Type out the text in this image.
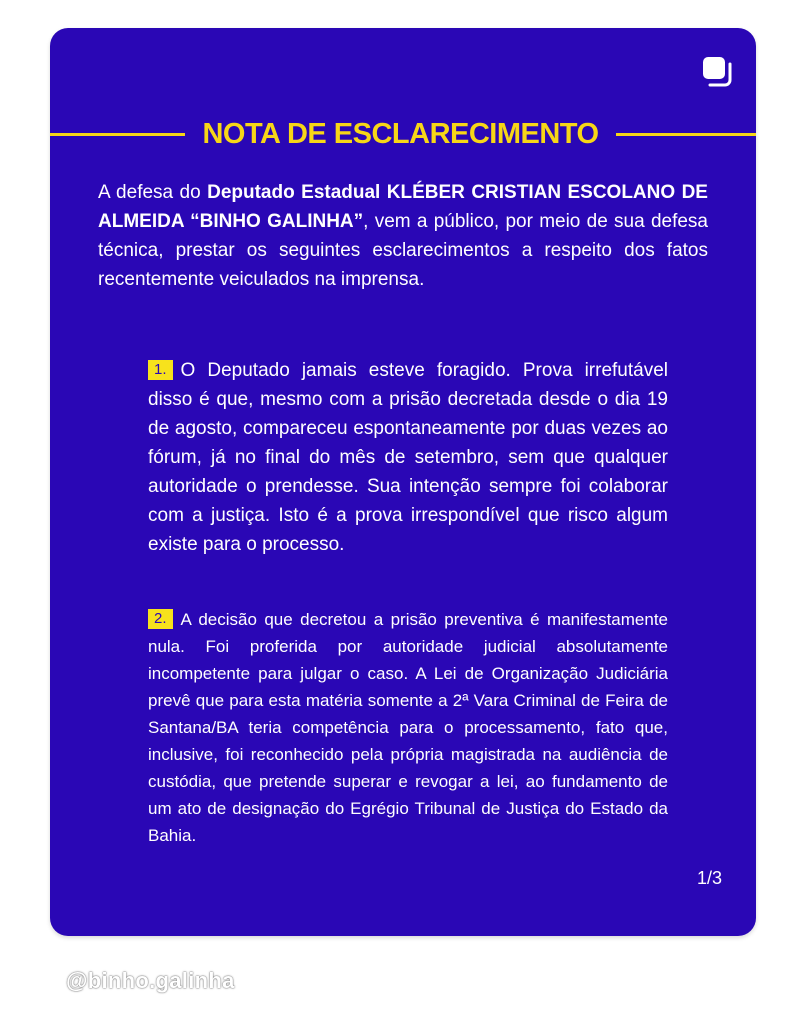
NOTA DE ESCLARECIMENTO
A defesa do Deputado Estadual KLÉBER CRISTIAN ESCOLANO DE ALMEIDA “BINHO GALINHA”, vem a público, por meio de sua defesa técnica, prestar os seguintes esclarecimentos a respeito dos fatos recentemente veiculados na imprensa.
1. O Deputado jamais esteve foragido. Prova irrefutável disso é que, mesmo com a prisão decretada desde o dia 19 de agosto, compareceu espontaneamente por duas vezes ao fórum, já no final do mês de setembro, sem que qualquer autoridade o prendesse. Sua intenção sempre foi colaborar com a justiça. Isto é a prova irrespondível que risco algum existe para o processo.
2. A decisão que decretou a prisão preventiva é manifestamente nula. Foi proferida por autoridade judicial absolutamente incompetente para julgar o caso. A Lei de Organização Judiciária prevê que para esta matéria somente a 2ª Vara Criminal de Feira de Santana/BA teria competência para o processamento, fato que, inclusive, foi reconhecido pela própria magistrada na audiência de custódia, que pretende superar e revogar a lei, ao fundamento de um ato de designação do Egrégio Tribunal de Justiça do Estado da Bahia.
1/3
@binho.galinha
